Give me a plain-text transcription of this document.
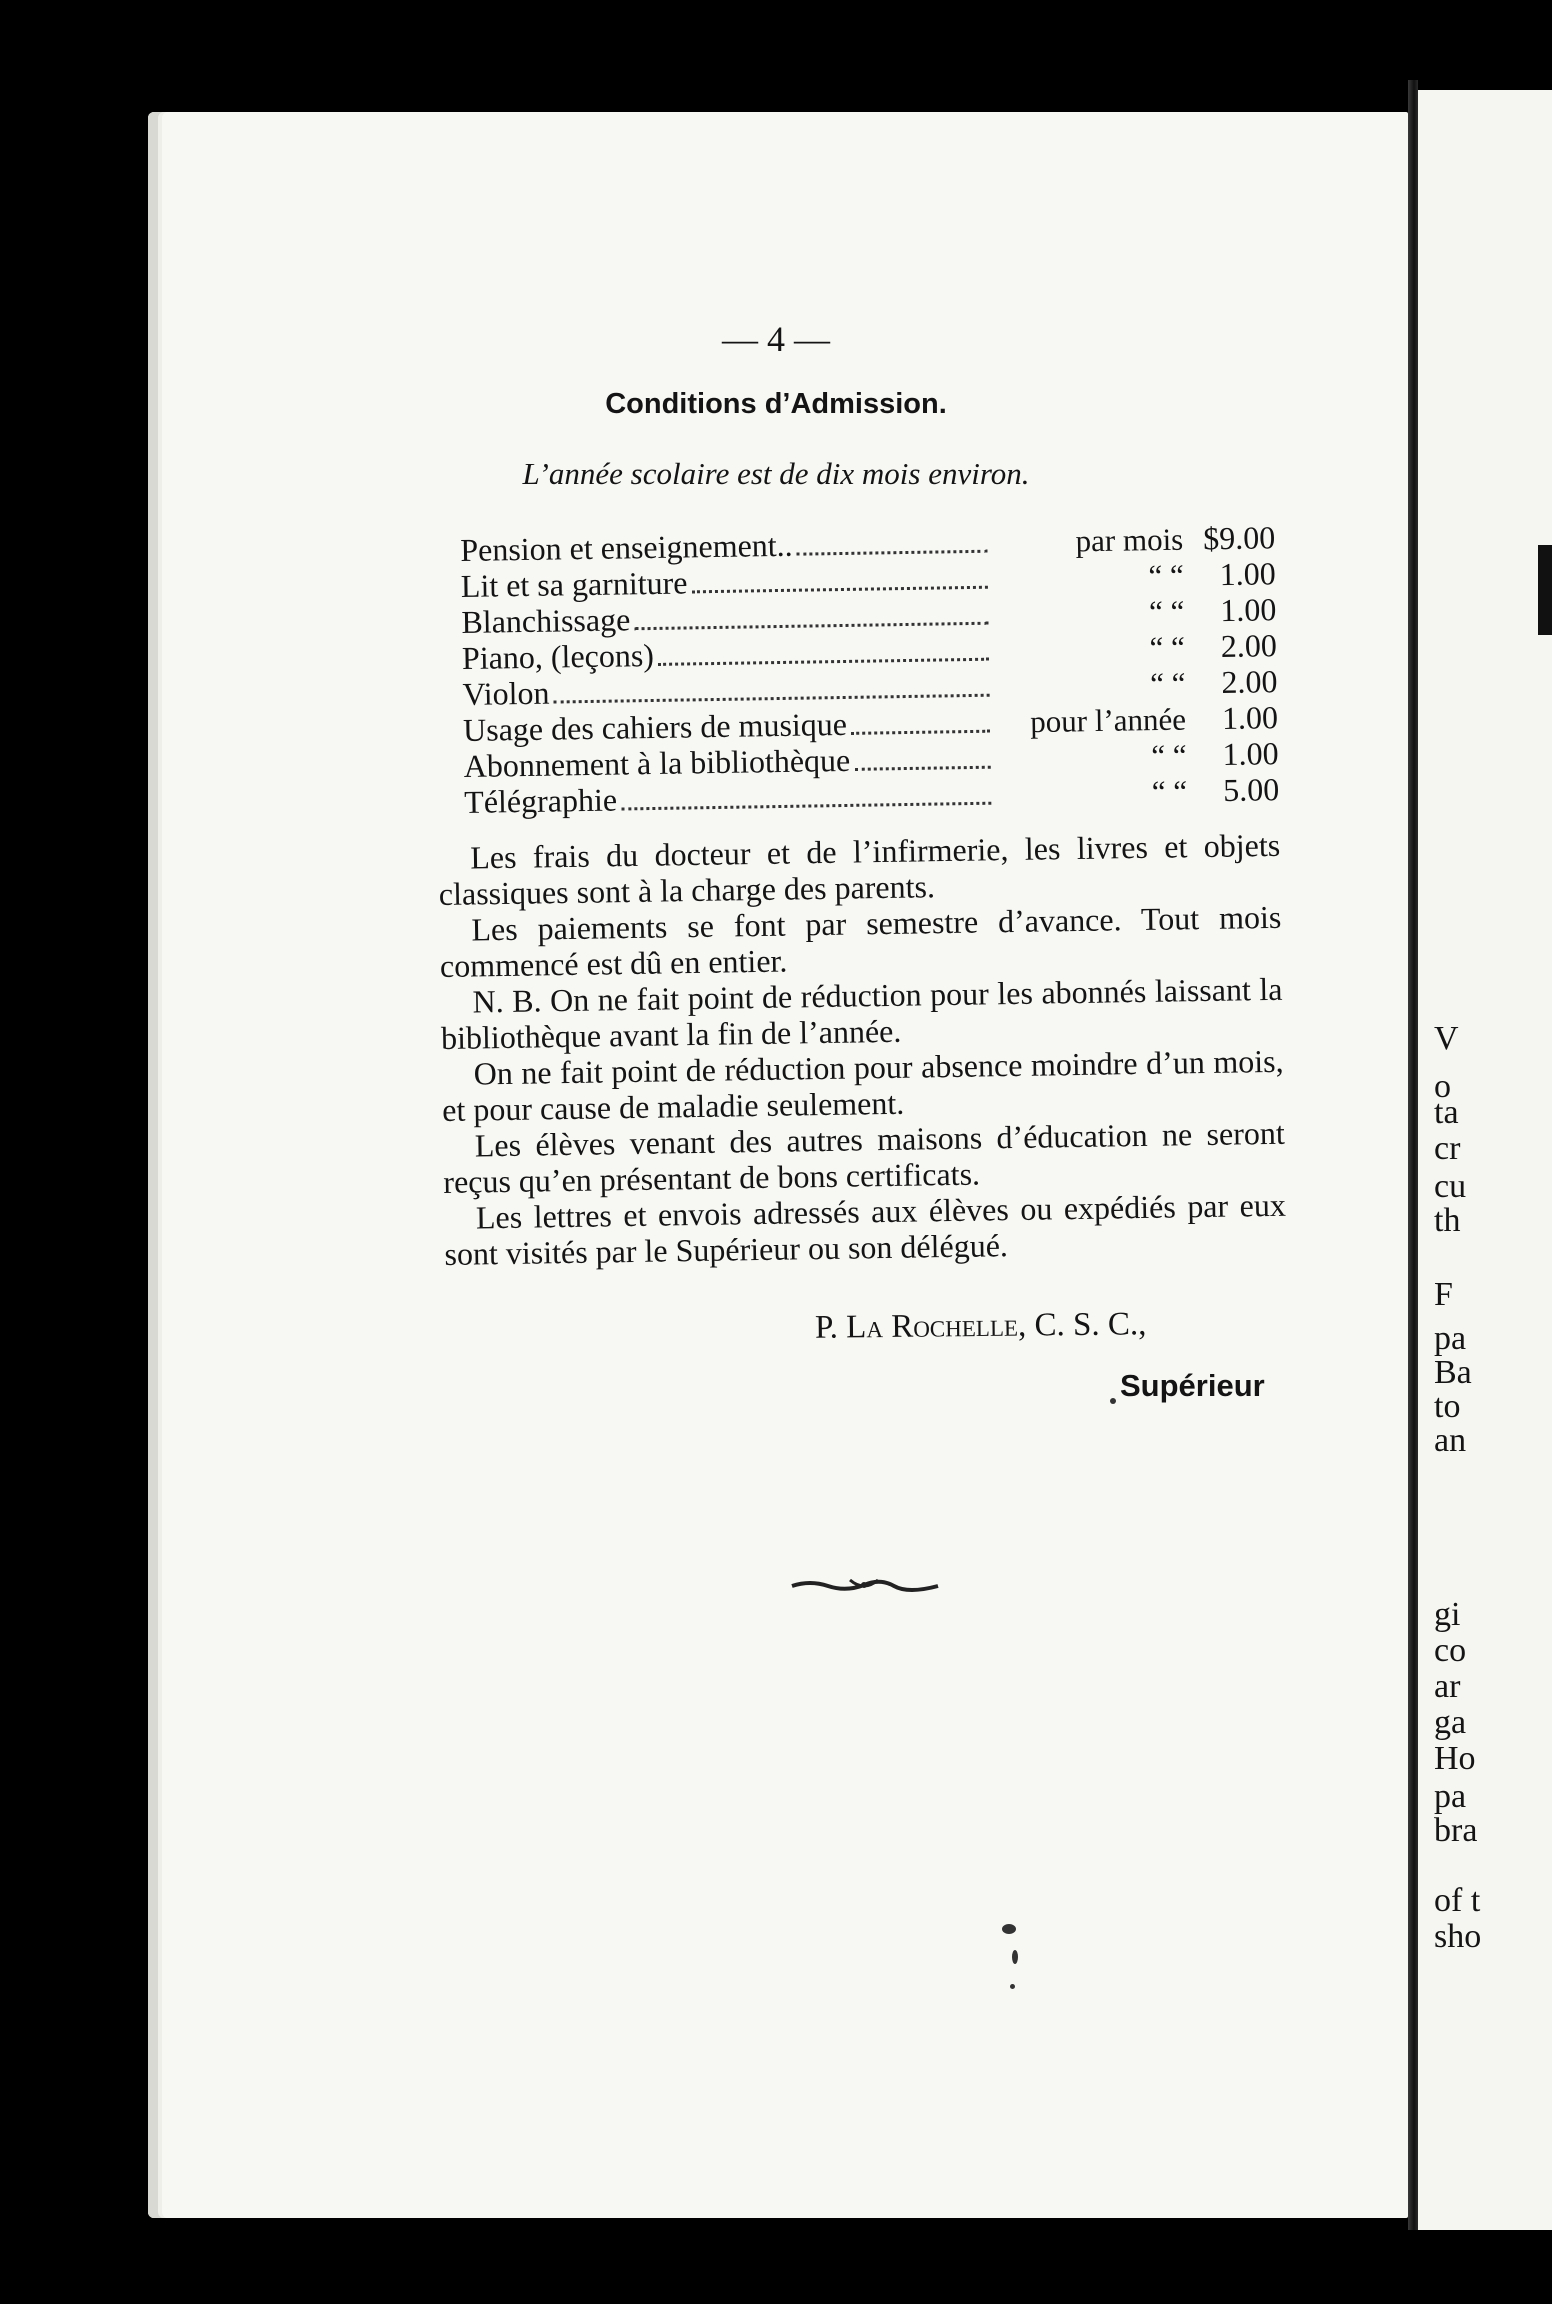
V
o
ta
cr
cu
th
F
pa
Ba
to
an
gi
co
ar
ga
Ho
pa
bra
of t
sho
— 4 —
Conditions d’Admission.
L’année scolaire est de dix mois environ.
Pension et enseignement..	par mois $9.00
Lit et sa garniture	“ “	1.00
Blanchissage	“ “	1.00
Piano, (leçons)	“ “	2.00
Violon	“ “	2.00
Usage des cahiers de musique	pour l’année	1.00
Abonnement à la bibliothèque	“ “	1.00
Télégraphie	“ “	5.00

Les frais du docteur et de l’infirmerie, les livres et objets classiques sont à la charge des parents.

Les paiements se font par semestre d’avance. Tout mois commencé est dû en entier.

N. B. On ne fait point de réduction pour les abonnés laissant la bibliothèque avant la fin de l’année.

On ne fait point de réduction pour absence moindre d’un mois, et pour cause de maladie seulement.

Les élèves venant des autres maisons d’éducation ne seront reçus qu’en présentant de bons certificats.

Les lettres et envois adressés aux élèves ou expédiés par eux sont visités par le Supérieur ou son délégué.

P. La Rochelle, C. S. C.,
Supérieur
